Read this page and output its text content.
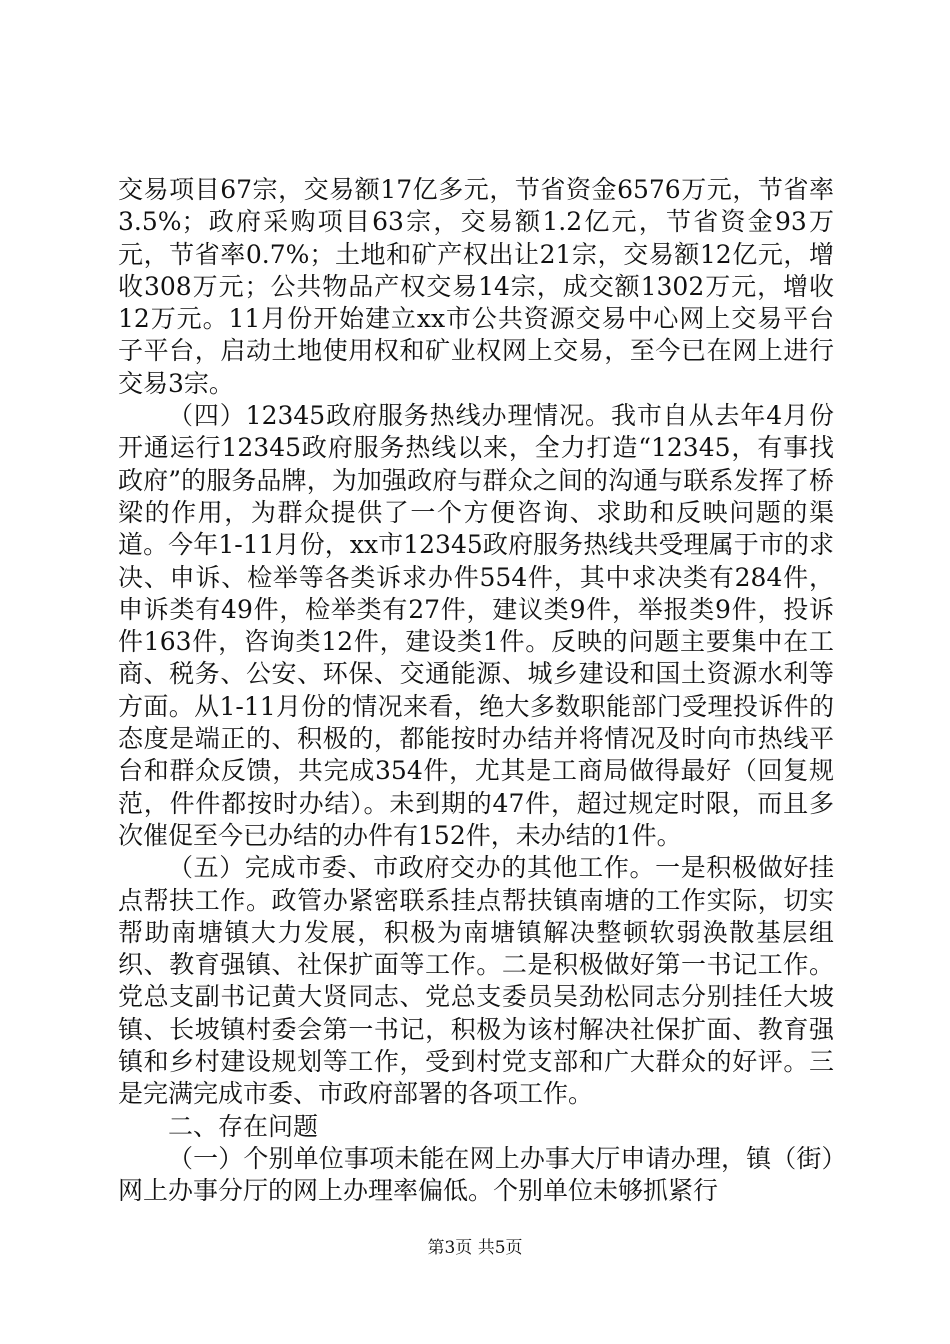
交易项目67宗，交易额17亿多元，节省资金6576万元，节省率3.5%；政府采购项目63宗，交易额1.2亿元，节省资金93万元，节省率0.7%；土地和矿产权出让21宗，交易额12亿元，增收308万元；公共物品产权交易14宗，成交额1302万元，增收12万元。11月份开始建立xx市公共资源交易中心网上交易平台子平台，启动土地使用权和矿业权网上交易，至今已在网上进行交易3宗。

（四）12345政府服务热线办理情况。我市自从去年4月份开通运行12345政府服务热线以来，全力打造“12345，有事找政府”的服务品牌，为加强政府与群众之间的沟通与联系发挥了桥梁的作用，为群众提供了一个方便咨询、求助和反映问题的渠道。今年1-11月份，xx市12345政府服务热线共受理属于市的求决、申诉、检举等各类诉求办件554件，其中求决类有284件，申诉类有49件，检举类有27件，建议类9件，举报类9件，投诉件163件，咨询类12件，建设类1件。反映的问题主要集中在工商、税务、公安、环保、交通能源、城乡建设和国土资源水利等方面。从1-11月份的情况来看，绝大多数职能部门受理投诉件的态度是端正的、积极的，都能按时办结并将情况及时向市热线平台和群众反馈，共完成354件，尤其是工商局做得最好（回复规范，件件都按时办结）。未到期的47件，超过规定时限，而且多次催促至今已办结的办件有152件，未办结的1件。

（五）完成市委、市政府交办的其他工作。一是积极做好挂点帮扶工作。政管办紧密联系挂点帮扶镇南塘的工作实际，切实帮助南塘镇大力发展，积极为南塘镇解决整顿软弱涣散基层组织、教育强镇、社保扩面等工作。二是积极做好第一书记工作。党总支副书记黄大贤同志、党总支委员吴劲松同志分别挂任大坡镇、长坡镇村委会第一书记，积极为该村解决社保扩面、教育强镇和乡村建设规划等工作，受到村党支部和广大群众的好评。三是完满完成市委、市政府部署的各项工作。

二、存在问题

（一）个别单位事项未能在网上办事大厅申请办理，镇（街）网上办事分厅的网上办理率偏低。个别单位未够抓紧行

第3页 共5页
